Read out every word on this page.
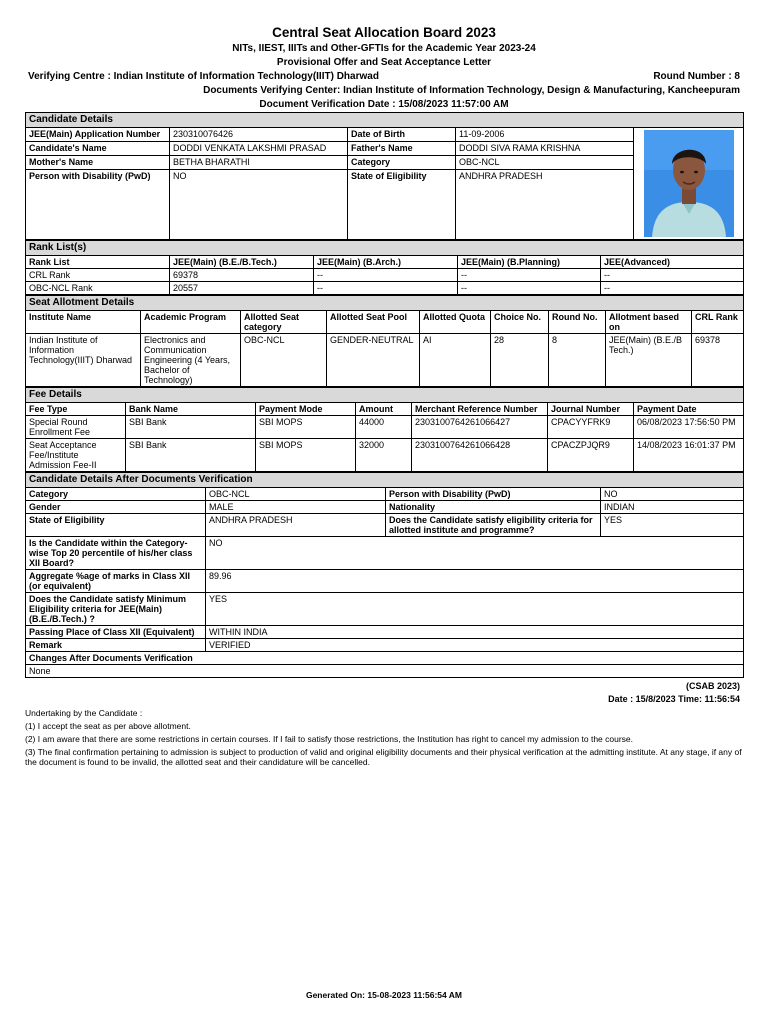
Central Seat Allocation Board 2023
NITs, IIEST, IIITs and Other-GFTIs for the Academic Year 2023-24
Provisional Offer and Seat Acceptance Letter
Verifying Centre : Indian Institute of Information Technology(IIIT) Dharwad	Round Number : 8
Documents Verifying Center: Indian Institute of Information Technology, Design & Manufacturing, Kancheepuram
Document Verification Date : 15/08/2023 11:57:00 AM
Candidate Details				
JEE(Main) Application Number	230310076426	Date of Birth	11-09-2006	

Candidate's Name	DODDI VENKATA LAKSHMI PRASAD	Father's Name	DODDI SIVA RAMA KRISHNA	
Mother's Name	BETHA BHARATHI	Category	OBC-NCL	
Person with Disability (PwD)	NO	State of Eligibility	ANDHRA PRADESH	
Rank List(s)				
Rank List	JEE(Main) (B.E./B.Tech.)	JEE(Main) (B.Arch.)	JEE(Main) (B.Planning)	JEE(Advanced)
CRL Rank	69378	--	--	--
OBC-NCL Rank	20557	--	--	--
Seat Allotment Details								
Institute Name	Academic Program	Allotted Seat category	Allotted Seat Pool	Allotted Quota	Choice No.	Round No.	Allotment based on	CRL Rank
Indian Institute of Information Technology(IIIT) Dharwad	Electronics and Communication Engineering (4 Years, Bachelor of Technology)	OBC-NCL	GENDER-NEUTRAL	AI	28	8	JEE(Main) (B.E./B Tech.)	69378
Fee Details						
Fee Type	Bank Name	Payment Mode	Amount	Merchant Reference Number	Journal Number	Payment Date
Special Round Enrollment Fee	SBI Bank	SBI MOPS	44000	2303100764261066427	CPACYYFRK9	06/08/2023 17:56:50 PM
Seat Acceptance Fee/Institute Admission Fee-II	SBI Bank	SBI MOPS	32000	2303100764261066428	CPACZPJQR9	14/08/2023 16:01:37 PM
Candidate Details After Documents Verification			
Category	OBC-NCL	Person with Disability (PwD)	NO
Gender	MALE	Nationality	INDIAN
State of Eligibility	ANDHRA PRADESH	Does the Candidate satisfy eligibility criteria for allotted institute and programme?	YES
Is the Candidate within the Category-wise Top 20 percentile of his/her class XII Board?	NO		
Aggregate %age of marks in Class XII (or equivalent)	89.96		
Does the Candidate satisfy Minimum Eligibility criteria for JEE(Main) (B.E./B.Tech.) ?	YES		
Passing Place of Class XII (Equivalent)	WITHIN INDIA		
Remark	VERIFIED		
Changes After Documents Verification			
None			
(CSAB 2023)
Date : 15/8/2023 Time: 11:56:54

Undertaking by the Candidate :

(1) I accept the seat as per above allotment.

(2) I am aware that there are some restrictions in certain courses. If I fail to satisfy those restrictions, the Institution has right to cancel my admission to the course.

(3) The final confirmation pertaining to admission is subject to production of valid and original eligibility documents and their physical verification at the admitting institute. At any stage, if any of the document is found to be invalid, the allotted seat and their candidature will be cancelled.

Generated On: 15-08-2023 11:56:54 AM
